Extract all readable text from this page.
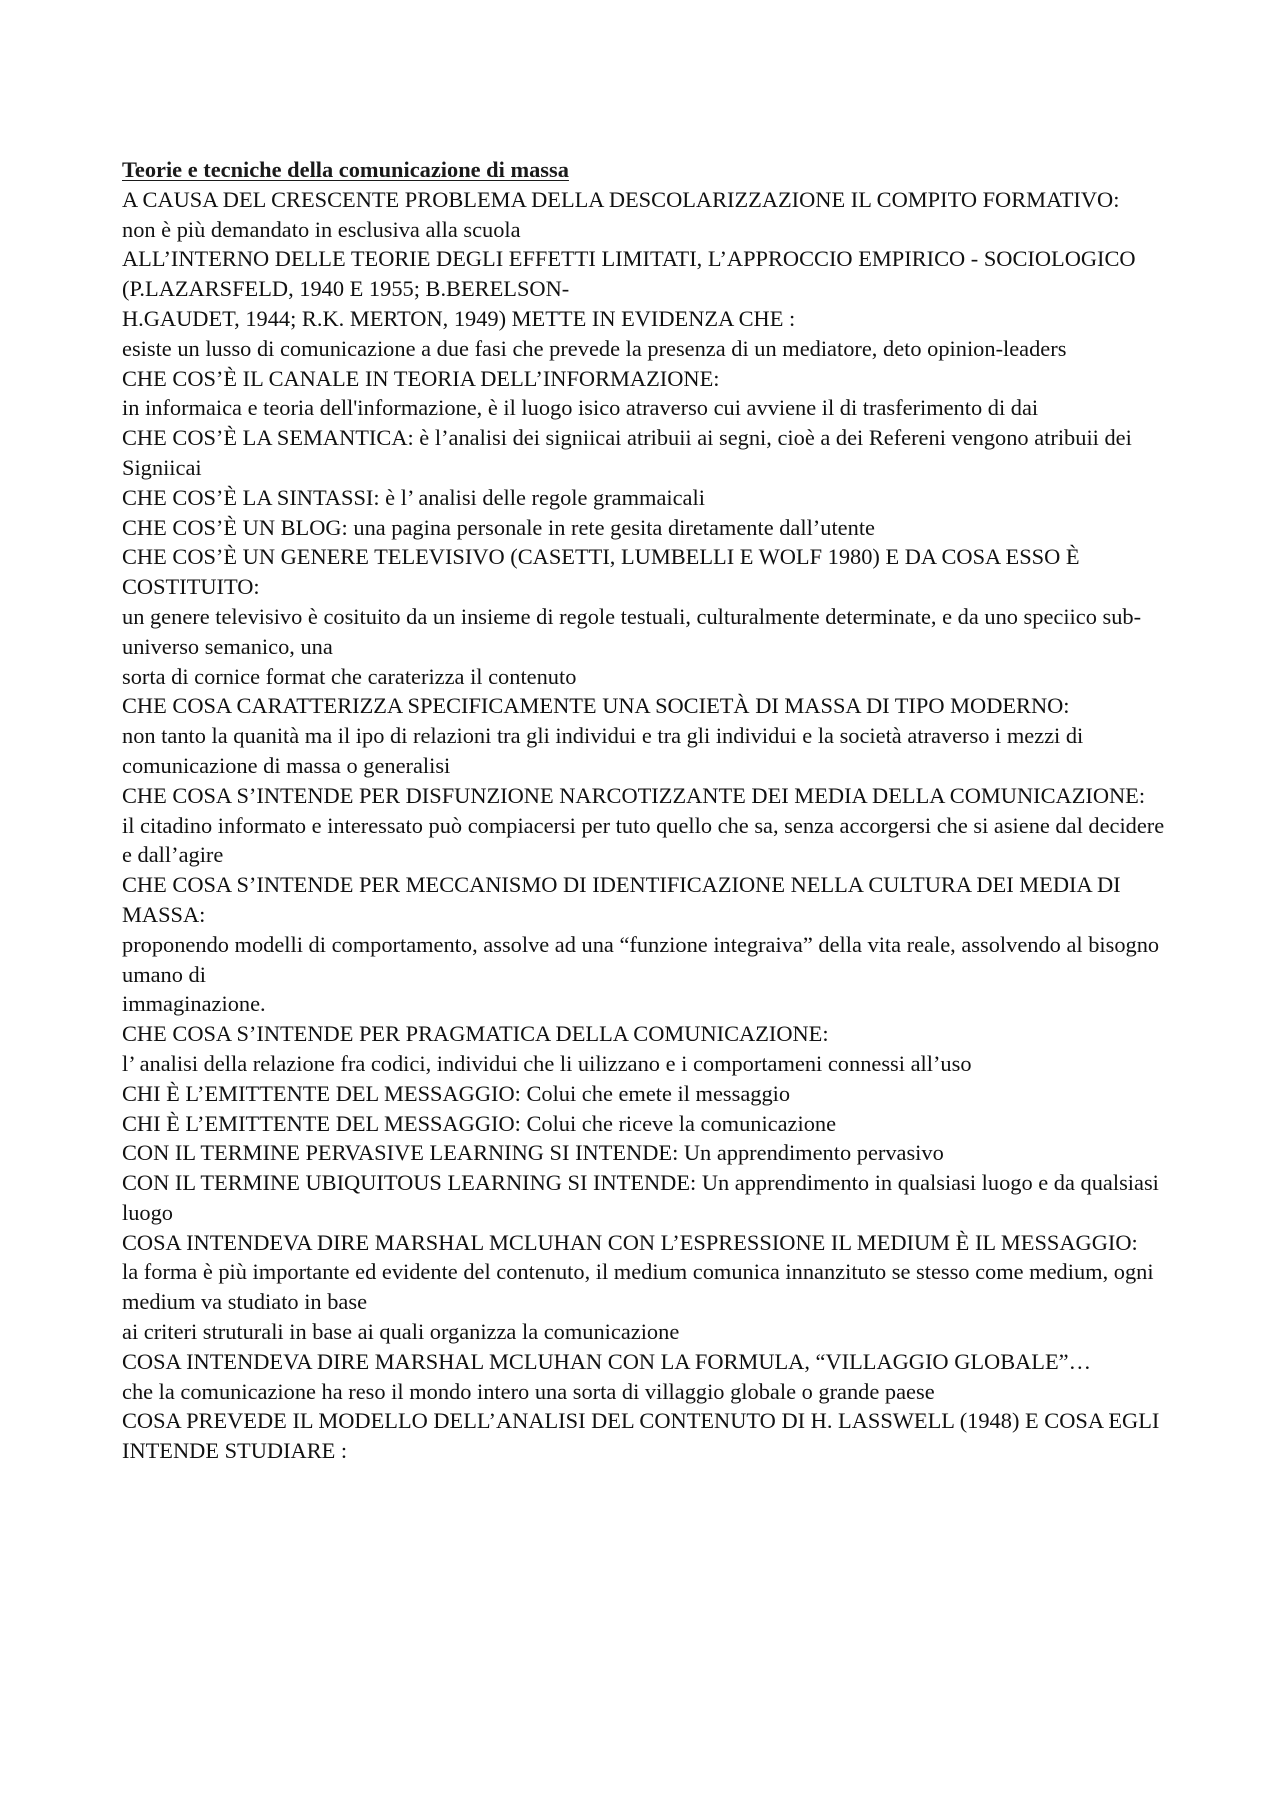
Teorie e tecniche della comunicazione di massa

A CAUSA DEL CRESCENTE PROBLEMA DELLA DESCOLARIZZAZIONE IL COMPITO FORMATIVO:

non è più demandato in esclusiva alla scuola

ALL’INTERNO DELLE TEORIE DEGLI EFFETTI LIMITATI, L’APPROCCIO EMPIRICO - SOCIOLOGICO (P.LAZARSFELD, 1940 E 1955; B.BERELSON-

H.GAUDET, 1944; R.K. MERTON, 1949) METTE IN EVIDENZA CHE :

esiste un lusso di comunicazione a due fasi che prevede la presenza di un mediatore, deto opinion-leaders

CHE COS’È IL CANALE IN TEORIA DELL’INFORMAZIONE:

in informaica e teoria dell'informazione, è il luogo isico atraverso cui avviene il di trasferimento di dai

CHE COS’È LA SEMANTICA: è l’analisi dei signiicai atribuii ai segni, cioè a dei Refereni vengono atribuii dei Signiicai

CHE COS’È LA SINTASSI: è l’ analisi delle regole grammaicali

CHE COS’È UN BLOG: una pagina personale in rete gesita diretamente dall’utente

CHE COS’È UN GENERE TELEVISIVO (CASETTI, LUMBELLI E WOLF 1980) E DA COSA ESSO È COSTITUITO:

un genere televisivo è cosituito da un insieme di regole testuali, culturalmente determinate, e da uno speciico sub-universo semanico, una

sorta di cornice format che caraterizza il contenuto

CHE COSA CARATTERIZZA SPECIFICAMENTE UNA SOCIETÀ DI MASSA DI TIPO MODERNO:

non tanto la quanità ma il ipo di relazioni tra gli individui e tra gli individui e la società atraverso i mezzi di comunicazione di massa o generalisi

CHE COSA S’INTENDE PER DISFUNZIONE NARCOTIZZANTE DEI MEDIA DELLA COMUNICAZIONE:

il citadino informato e interessato può compiacersi per tuto quello che sa, senza accorgersi che si asiene dal decidere e dall’agire

CHE COSA S’INTENDE PER MECCANISMO DI IDENTIFICAZIONE NELLA CULTURA DEI MEDIA DI MASSA:

proponendo modelli di comportamento, assolve ad una “funzione integraiva” della vita reale, assolvendo al bisogno umano di

immaginazione.

CHE COSA S’INTENDE PER PRAGMATICA DELLA COMUNICAZIONE:

l’ analisi della relazione fra codici, individui che li uilizzano e i comportameni connessi all’uso

CHI È L’EMITTENTE DEL MESSAGGIO: Colui che emete il messaggio

CHI È L’EMITTENTE DEL MESSAGGIO: Colui che riceve la comunicazione

CON IL TERMINE PERVASIVE LEARNING SI INTENDE: Un apprendimento pervasivo

CON IL TERMINE UBIQUITOUS LEARNING SI INTENDE: Un apprendimento in qualsiasi luogo e da qualsiasi luogo

COSA INTENDEVA DIRE MARSHAL MCLUHAN CON L’ESPRESSIONE IL MEDIUM È IL MESSAGGIO:

la forma è più importante ed evidente del contenuto, il medium comunica innanzituto se stesso come medium, ogni medium va studiato in base

ai criteri struturali in base ai quali organizza la comunicazione

COSA INTENDEVA DIRE MARSHAL MCLUHAN CON LA FORMULA, “VILLAGGIO GLOBALE”…

che la comunicazione ha reso il mondo intero una sorta di villaggio globale o grande paese

COSA PREVEDE IL MODELLO DELL’ANALISI DEL CONTENUTO DI H. LASSWELL (1948) E COSA EGLI INTENDE STUDIARE :
